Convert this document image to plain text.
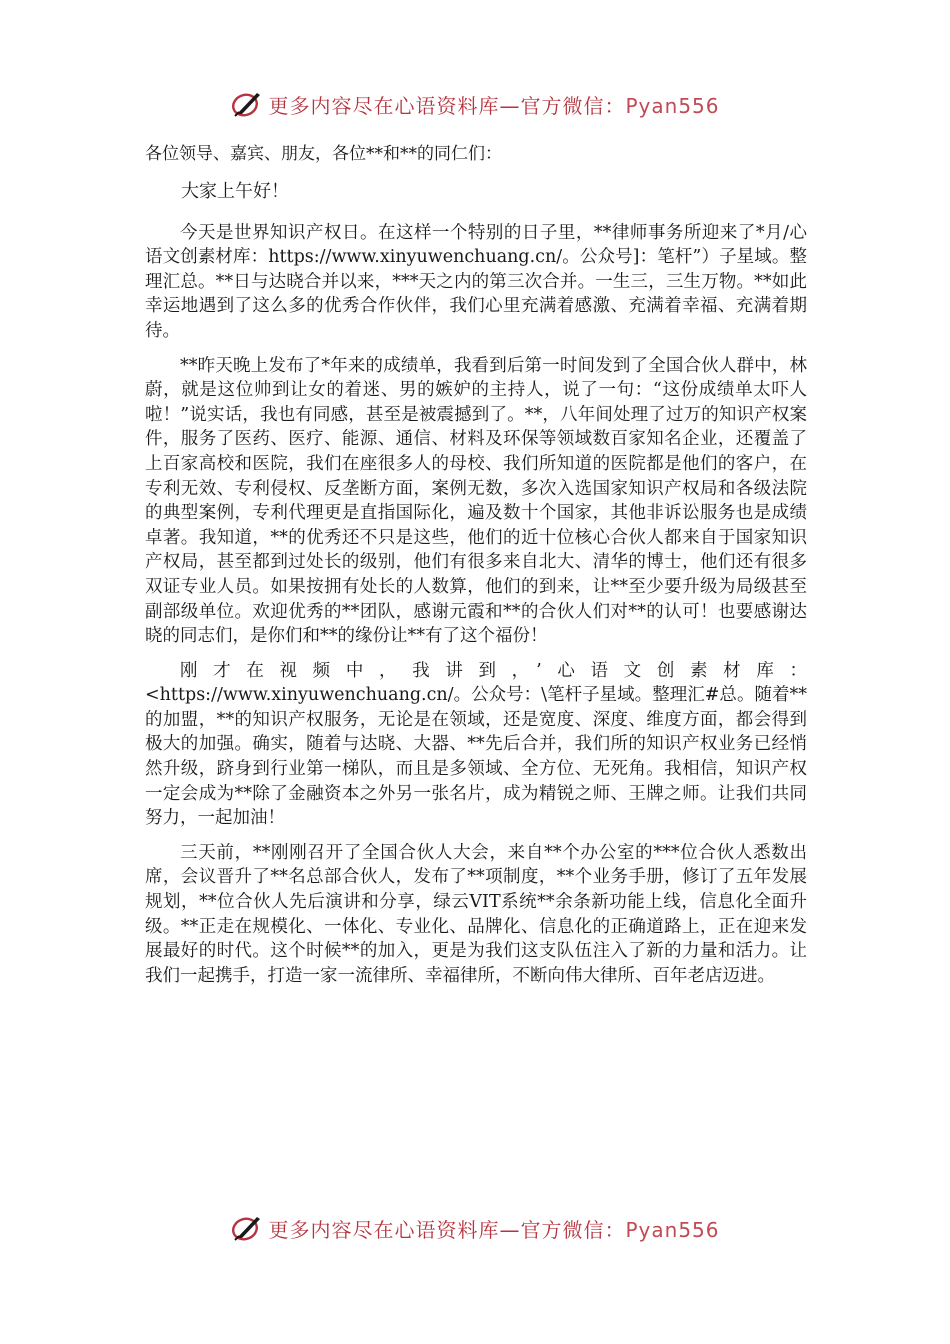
更多内容尽在心语资料库—官方微信：Pyan556

各位领导、嘉宾、朋友，各位**和**的同仁们：

大家上午好！

今天是世界知识产权日。在这样一个特别的日子里，**律师事务所迎来了*月/心语文创素材库：https://www.xinyuwenchuang.cn/。公众号]：笔杆”）子星域。整理汇总。**日与达晓合并以来，***天之内的第三次合并。一生三，三生万物。**如此幸运地遇到了这么多的优秀合作伙伴，我们心里充满着感激、充满着幸福、充满着期待。

**昨天晚上发布了*年来的成绩单，我看到后第一时间发到了全国合伙人群中，林蔚，就是这位帅到让女的着迷、男的嫉妒的主持人，说了一句：“这份成绩单太吓人啦！”说实话，我也有同感，甚至是被震撼到了。**，八年间处理了过万的知识产权案件，服务了医药、医疗、能源、通信、材料及环保等领域数百家知名企业，还覆盖了上百家高校和医院，我们在座很多人的母校、我们所知道的医院都是他们的客户，在专利无效、专利侵权、反垄断方面，案例无数，多次入选国家知识产权局和各级法院的典型案例，专利代理更是直指国际化，遍及数十个国家，其他非诉讼服务也是成绩卓著。我知道，**的优秀还不只是这些，他们的近十位核心合伙人都来自于国家知识产权局，甚至都到过处长的级别，他们有很多来自北大、清华的博士，他们还有很多双证专业人员。如果按拥有处长的人数算，他们的到来，让**至少要升级为局级甚至副部级单位。欢迎优秀的**团队，感谢元霞和**的合伙人们对**的认可！也要感谢达晓的同志们，是你们和**的缘份让**有了这个福份！

刚才在视频中，我讲到，’心语文创素材库：<https://www.xinyuwenchuang.cn/。公众号：\笔杆子星域。整理汇#总。随着**的加盟，**的知识产权服务，无论是在领域，还是宽度、深度、维度方面，都会得到极大的加强。确实，随着与达晓、大器、**先后合并，我们所的知识产权业务已经悄然升级，跻身到行业第一梯队，而且是多领域、全方位、无死角。我相信，知识产权一定会成为**除了金融资本之外另一张名片，成为精锐之师、王牌之师。让我们共同努力，一起加油！

三天前，**刚刚召开了全国合伙人大会，来自**个办公室的***位合伙人悉数出席，会议晋升了**名总部合伙人，发布了**项制度，**个业务手册，修订了五年发展规划，**位合伙人先后演讲和分享，绿云VIT系统**余条新功能上线，信息化全面升级。**正走在规模化、一体化、专业化、品牌化、信息化的正确道路上，正在迎来发展最好的时代。这个时候**的加入，更是为我们这支队伍注入了新的力量和活力。让我们一起携手，打造一家一流律所、幸福律所，不断向伟大律所、百年老店迈进。

更多内容尽在心语资料库—官方微信：Pyan556
